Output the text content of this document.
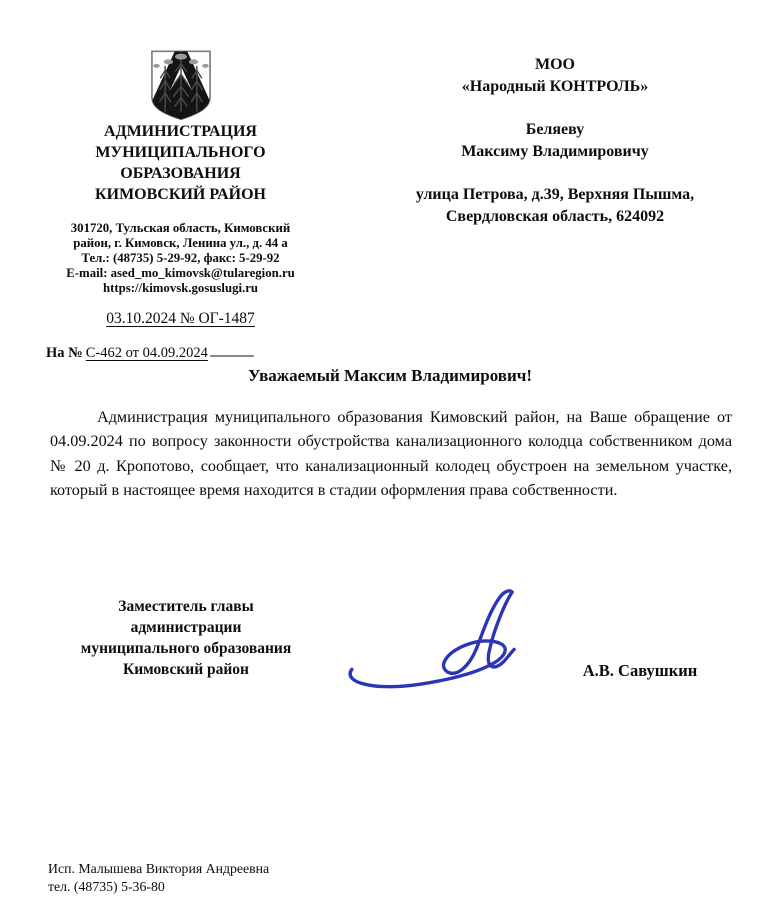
АДМИНИСТРАЦИЯ
МУНИЦИПАЛЬНОГО
ОБРАЗОВАНИЯ
КИМОВСКИЙ РАЙОН
301720, Тульская область, Кимовский
район, г. Кимовск, Ленина ул., д. 44 а
Тел.: (48735) 5-29-92, факс: 5-29-92
E-mail: ased_mo_kimovsk@tularegion.ru
https://kimovsk.gosuslugi.ru
03.10.2024 № ОГ-1487
На № С-462 от 04.09.2024
МОО
«Народный КОНТРОЛЬ»
Беляеву
Максиму Владимировичу
улица Петрова, д.39, Верхняя Пышма,
Свердловская область, 624092
Уважаемый Максим Владимирович!
Администрация муниципального образования Кимовский район, на Ваше обращение от 04.09.2024 по вопросу законности обустройства канализационного колодца собственником дома № 20 д. Кропотово, сообщает, что канализационный колодец обустроен на земельном участке, который в настоящее время находится в стадии оформления права собственности.
Заместитель главы
администрации
муниципального образования
Кимовский район	А.В. Савушкин
Исп. Малышева Виктория Андреевна
тел. (48735) 5-36-80
